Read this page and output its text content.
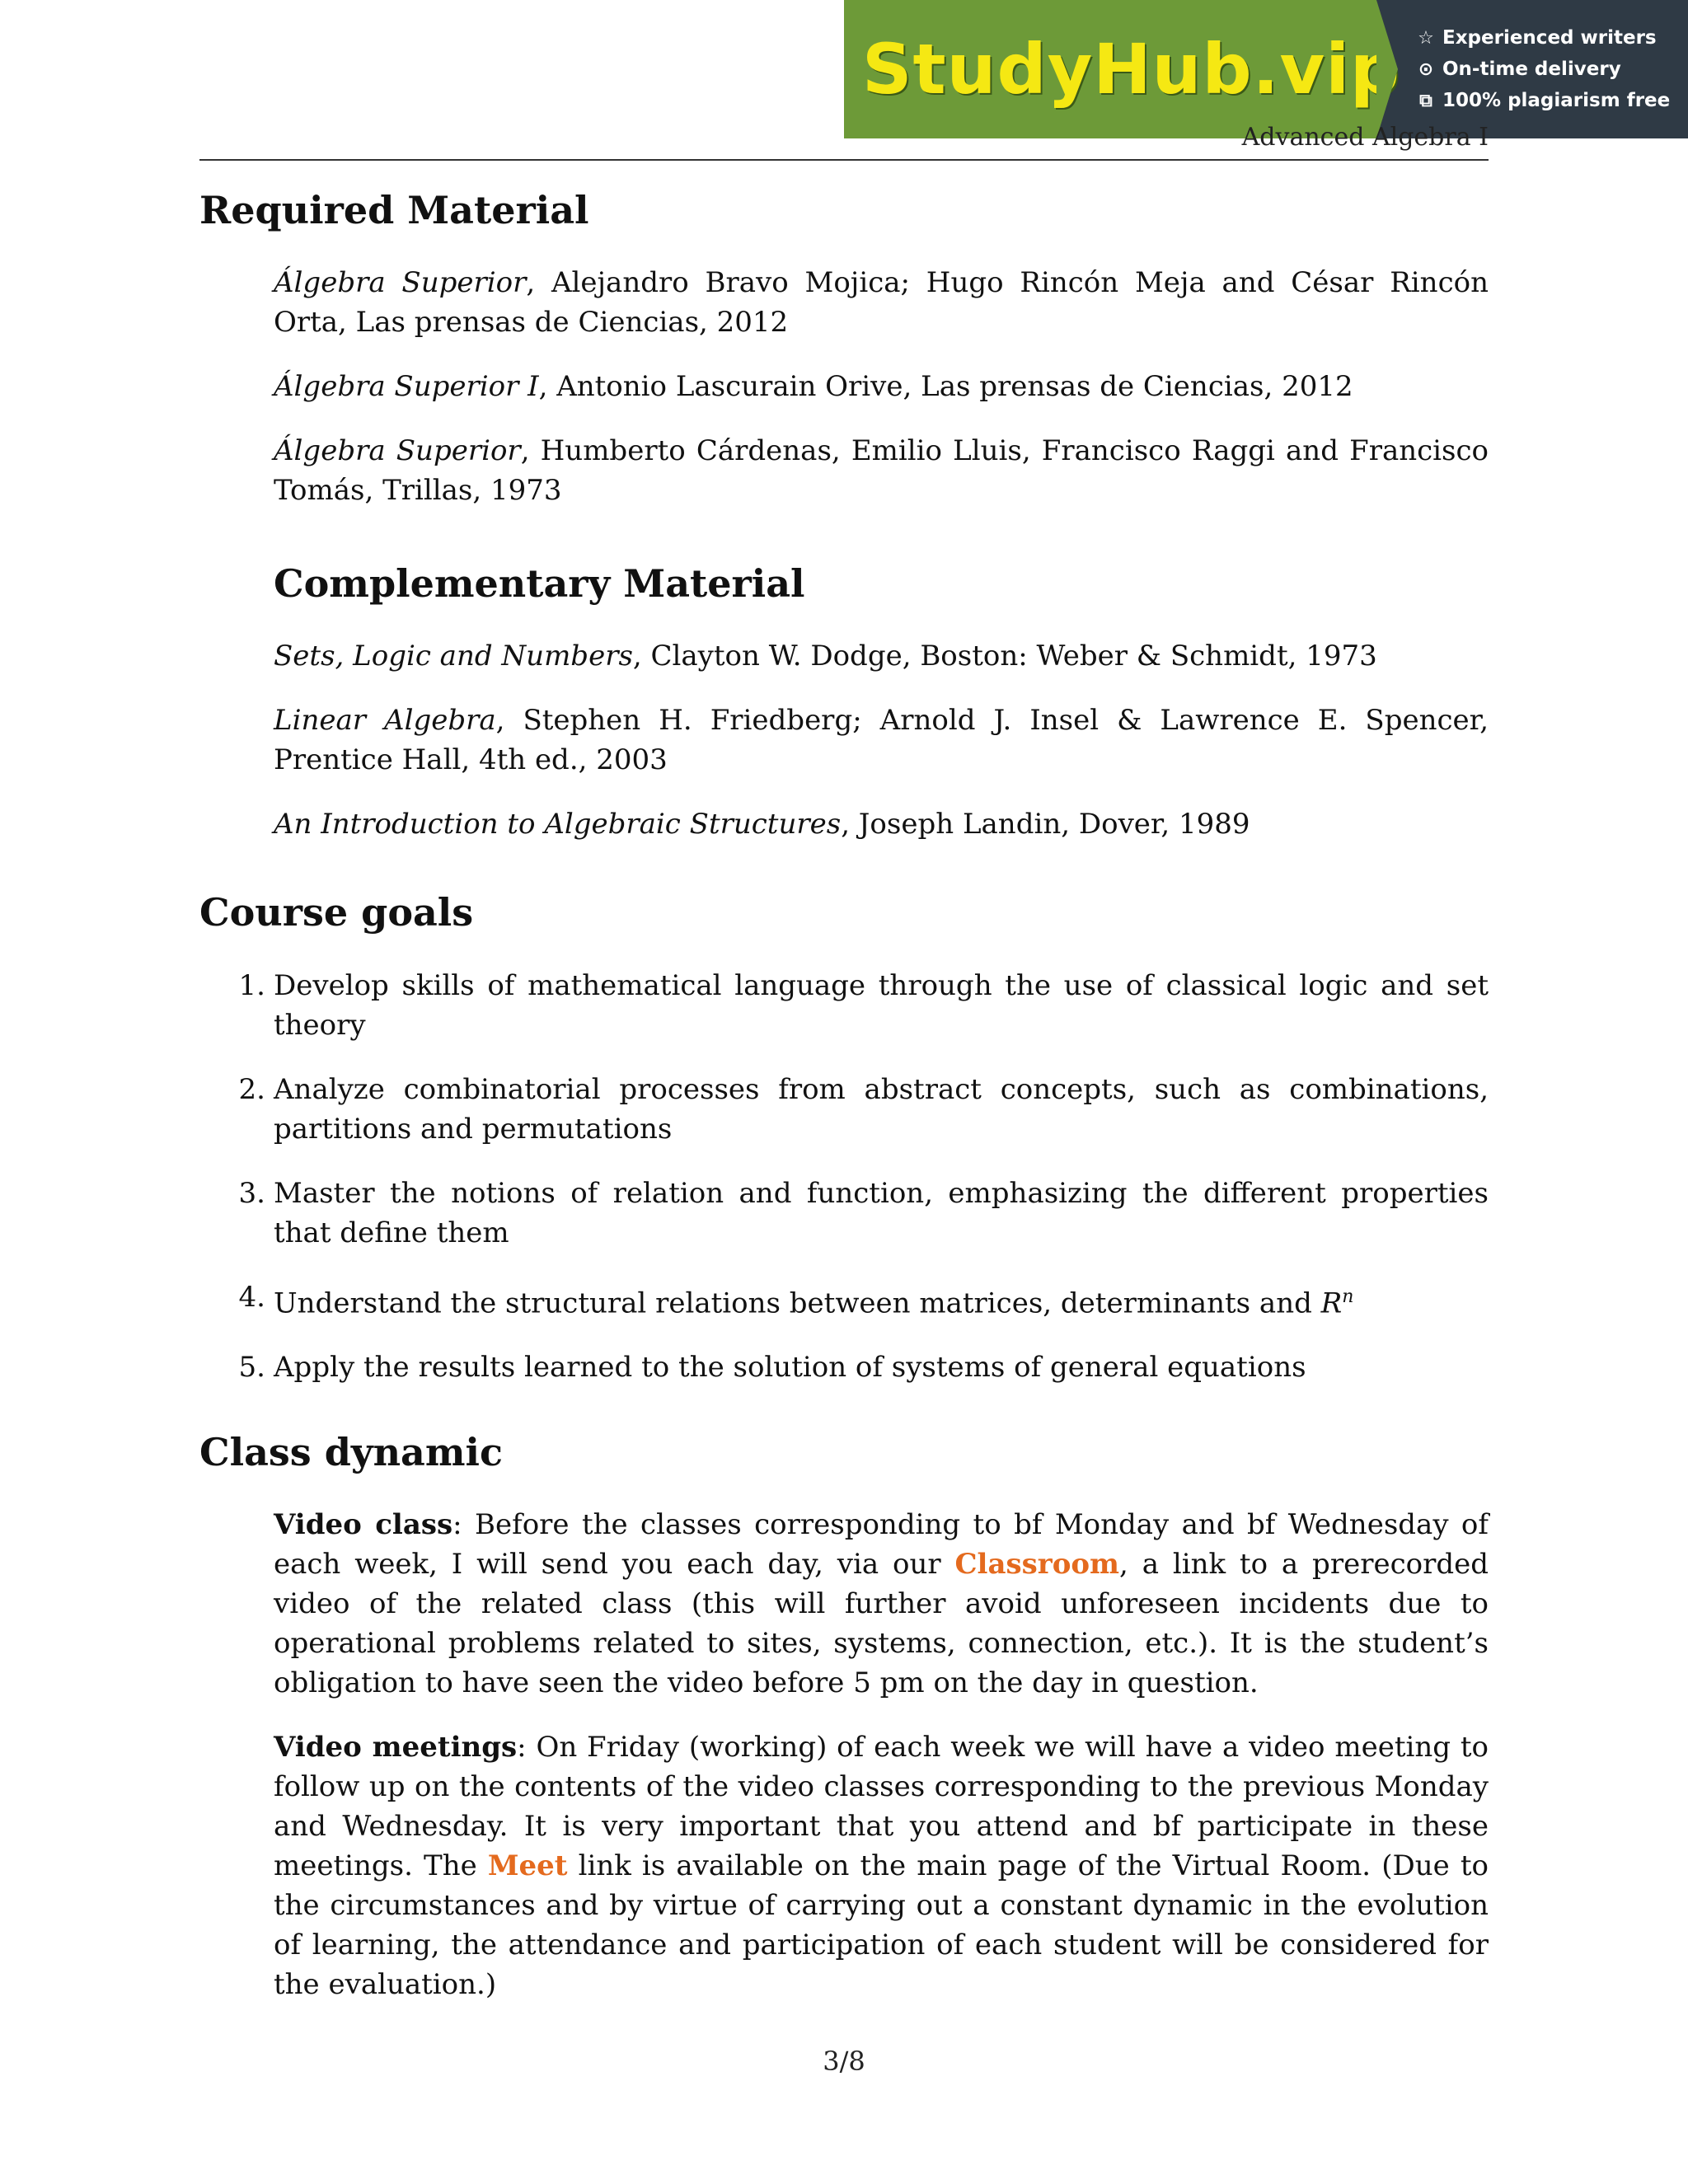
StudyHub.vip ☆ Experienced writers
⊙ On-time delivery
⧉ 100% plagiarism free
Advanced Algebra I
Required Material

Álgebra Superior, Alejandro Bravo Mojica; Hugo Rincón Meja and César Rincón Orta, Las prensas de Ciencias, 2012

Álgebra Superior I, Antonio Lascurain Orive, Las prensas de Ciencias, 2012

Álgebra Superior, Humberto Cárdenas, Emilio Lluis, Francisco Raggi and Francisco Tomás, Trillas, 1973

Complementary Material

Sets, Logic and Numbers, Clayton W. Dodge, Boston: Weber & Schmidt, 1973

Linear Algebra, Stephen H. Friedberg; Arnold J. Insel & Lawrence E. Spencer, Prentice Hall, 4th ed., 2003

An Introduction to Algebraic Structures, Joseph Landin, Dover, 1989

Course goals
1. Develop skills of mathematical language through the use of classical logic and set theory
2. Analyze combinatorial processes from abstract concepts, such as combinations, partitions and permutations
3. Master the notions of relation and function, emphasizing the different properties that define them
4. Understand the structural relations between matrices, determinants and $R^n$
5. Apply the results learned to the solution of systems of general equations
Class dynamic

Video class: Before the classes corresponding to bf Monday and bf Wednesday of each week, I will send you each day, via our Classroom, a link to a prerecorded video of the related class (this will further avoid unforeseen incidents due to operational problems related to sites, systems, connection, etc.). It is the student’s obligation to have seen the video before 5 pm on the day in question.

Video meetings: On Friday (working) of each week we will have a video meeting to follow up on the contents of the video classes corresponding to the previous Monday and Wednesday. It is very important that you attend and bf participate in these meetings. The Meet link is available on the main page of the Virtual Room. (Due to the circumstances and by virtue of carrying out a constant dynamic in the evolution of learning, the attendance and participation of each student will be considered for the evaluation.)

3/8
